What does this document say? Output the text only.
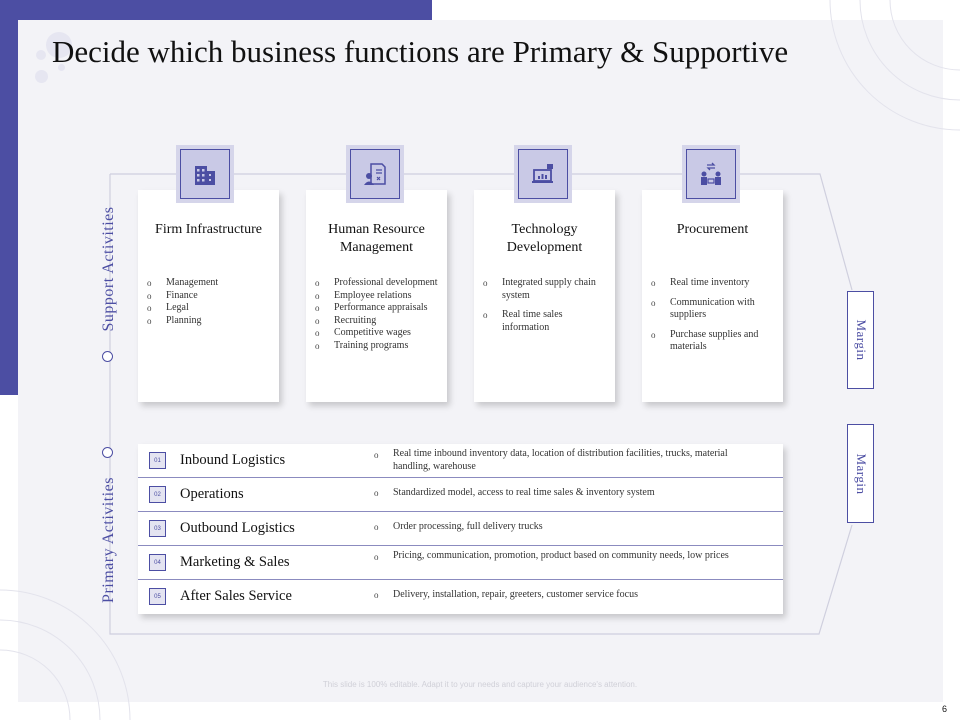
Decide which business functions are Primary & Supportive
Support Activities
Primary Activities
Firm Infrastructure
o Management
o Finance
o Legal
o Planning
Human Resource Management
o Professional development
o Employee relations
o Performance appraisals
o Recruiting
o Competitive wages
o Training programs
Technology Development
o Integrated supply chain system
o Real time sales information
Procurement
o Real time inventory
o Communication with suppliers
o Purchase supplies and materials	Margin
Margin
01	Inbound Logistics	o Real time inbound inventory data, location of distribution facilities, trucks, material handling, warehouse
02	Operations	o Standardized model, access to real time sales & inventory system
03	Outbound Logistics	o Order processing, full delivery trucks
04	Marketing & Sales	o Pricing, communication, promotion, product based on community needs, low prices
05	After Sales Service	o Delivery, installation, repair, greeters, customer service focus
This slide is 100% editable. Adapt it to your needs and capture your audience's attention.
6
